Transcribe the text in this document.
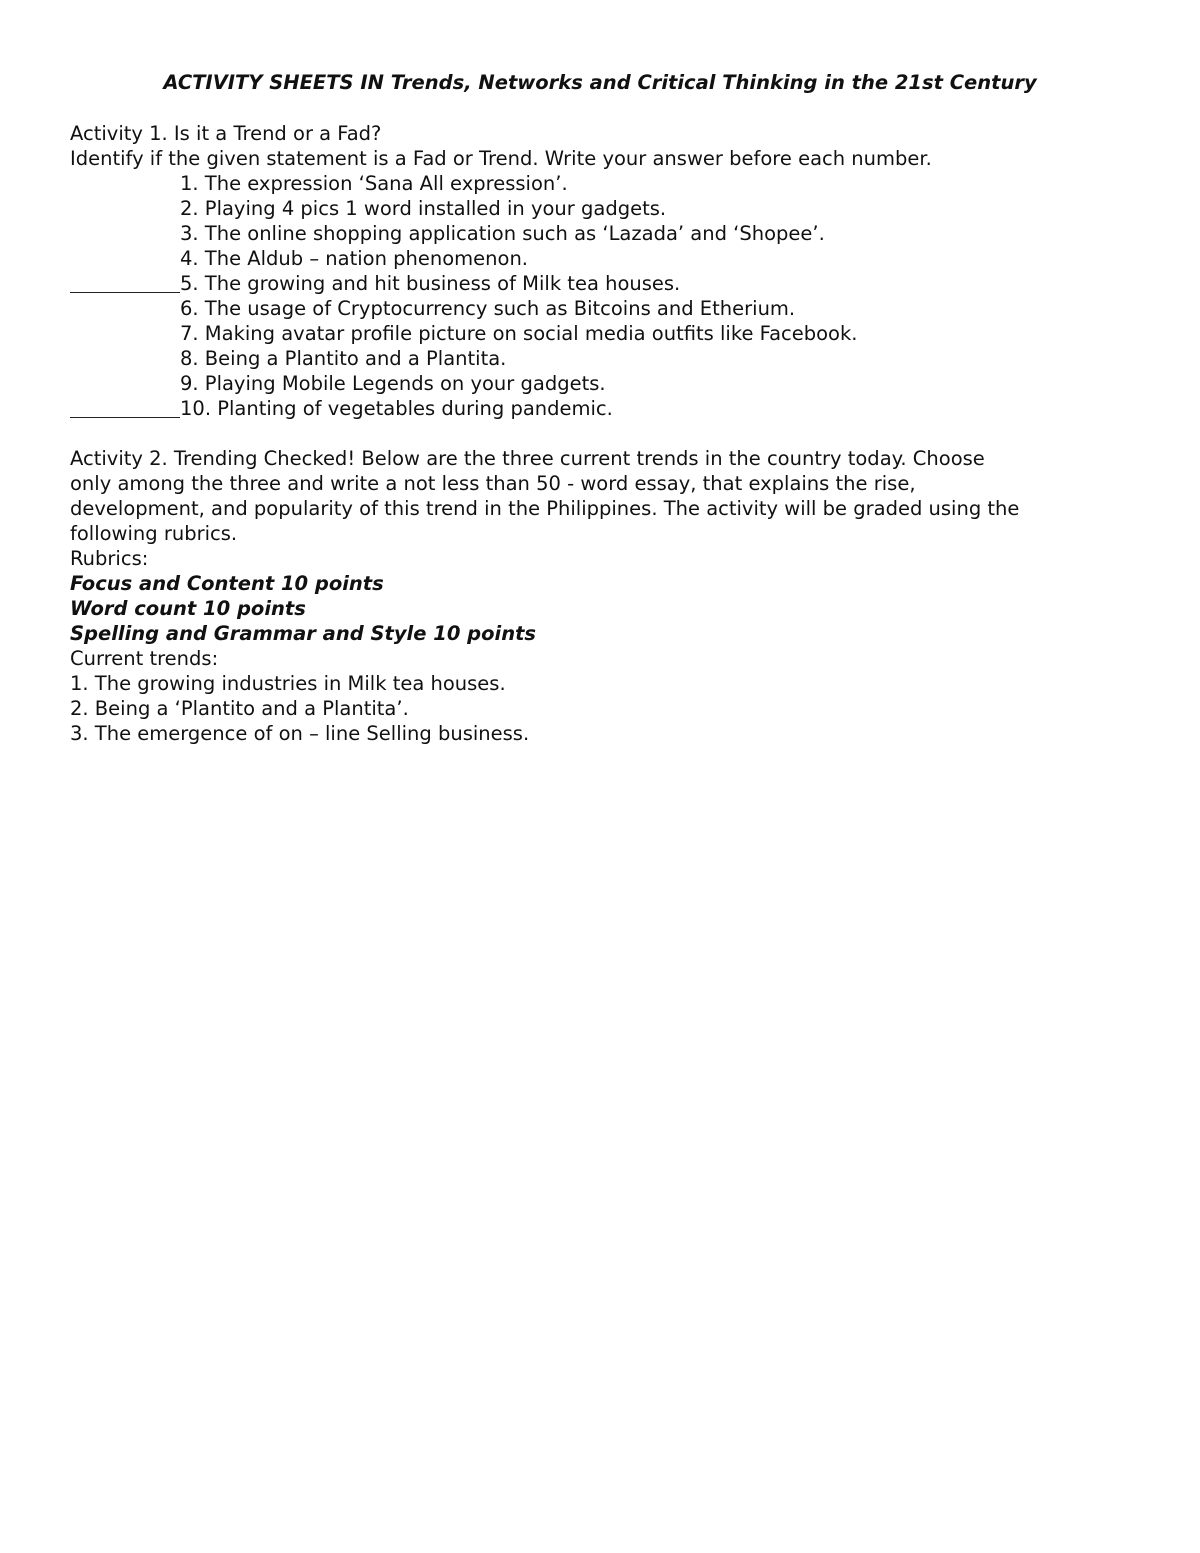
ACTIVITY SHEETS IN Trends, Networks and Critical Thinking in the 21st Century
Activity 1. Is it a Trend or a Fad?
Identify if the given statement is a Fad or Trend. Write your answer before each number.
1. The expression ‘Sana All expression’.
2. Playing 4 pics 1 word installed in your gadgets.
3. The online shopping application such as ‘Lazada’ and ‘Shopee’.
4. The Aldub – nation phenomenon.
5. The growing and hit business of Milk tea houses.
6. The usage of Cryptocurrency such as Bitcoins and Etherium.
7. Making avatar profile picture on social media outfits like Facebook.
8. Being a Plantito and a Plantita.
9. Playing Mobile Legends on your gadgets.
10. Planting of vegetables during pandemic.
Activity 2. Trending Checked! Below are the three current trends in the country today. Choose
only among the three and write a not less than 50 - word essay, that explains the rise,
development, and popularity of this trend in the Philippines. The activity will be graded using the
following rubrics.
Rubrics:
Focus and Content 10 points
Word count 10 points
Spelling and Grammar and Style 10 points
Current trends:
1. The growing industries in Milk tea houses.
2. Being a ‘Plantito and a Plantita’.
3. The emergence of on – line Selling business.
